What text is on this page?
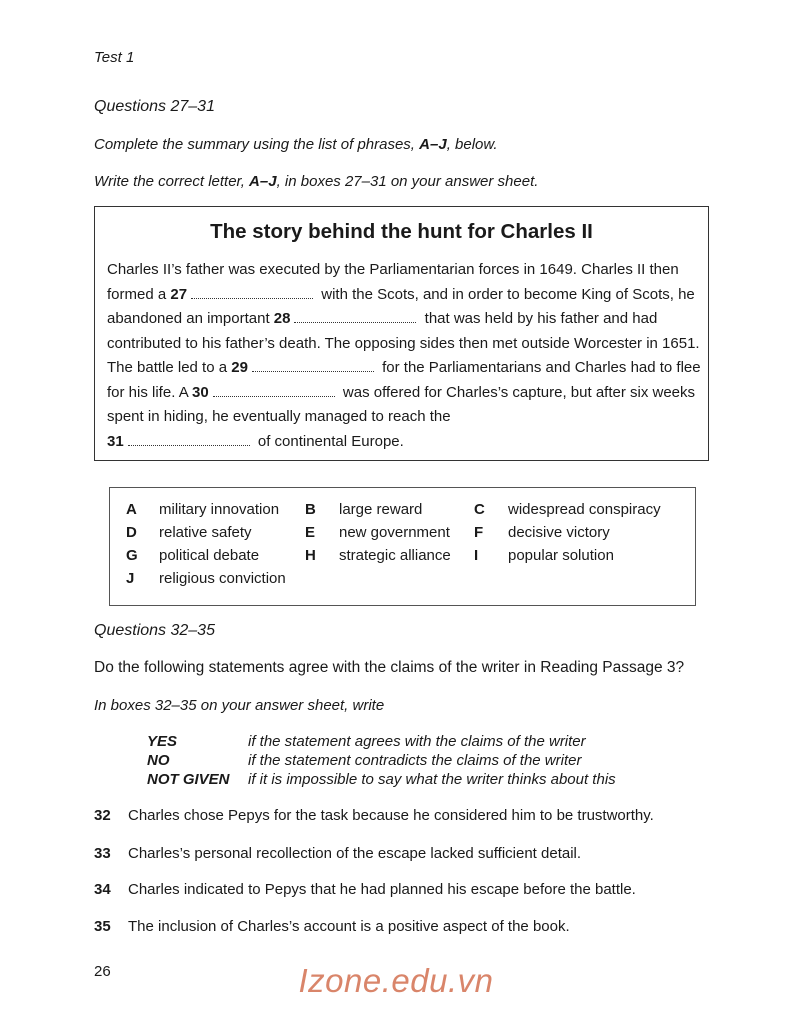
Test 1
Questions 27–31
Complete the summary using the list of phrases, A–J, below.
Write the correct letter, A–J, in boxes 27–31 on your answer sheet.
The story behind the hunt for Charles II
Charles II’s father was executed by the Parliamentarian forces in 1649. Charles II then formed a 27	with the Scots, and in order to become King of Scots, he abandoned an important 28	that was held by his father and had contributed to his father’s death. The opposing sides then met outside Worcester in 1651. The battle led to a 29	for the Parliamentarians and Charles had to flee for his life. A 30	was offered for Charles’s capture, but after six weeks spent in hiding, he eventually managed to reach the
31	of continental Europe.
A military innovation B large reward	C widespread conspiracy
D relative safety	E new government F decisive victory
G political debate	H strategic alliance I popular solution
J religious conviction
Questions 32–35
Do the following statements agree with the claims of the writer in Reading Passage 3?
In boxes 32–35 on your answer sheet, write
YES	if the statement agrees with the claims of the writer
NO	if the statement contradicts the claims of the writer
NOT GIVEN if it is impossible to say what the writer thinks about this
32 Charles chose Pepys for the task because he considered him to be trustworthy.
33 Charles’s personal recollection of the escape lacked sufficient detail.
34 Charles indicated to Pepys that he had planned his escape before the battle.
35 The inclusion of Charles’s account is a positive aspect of the book.
26	Izone.edu.vn
